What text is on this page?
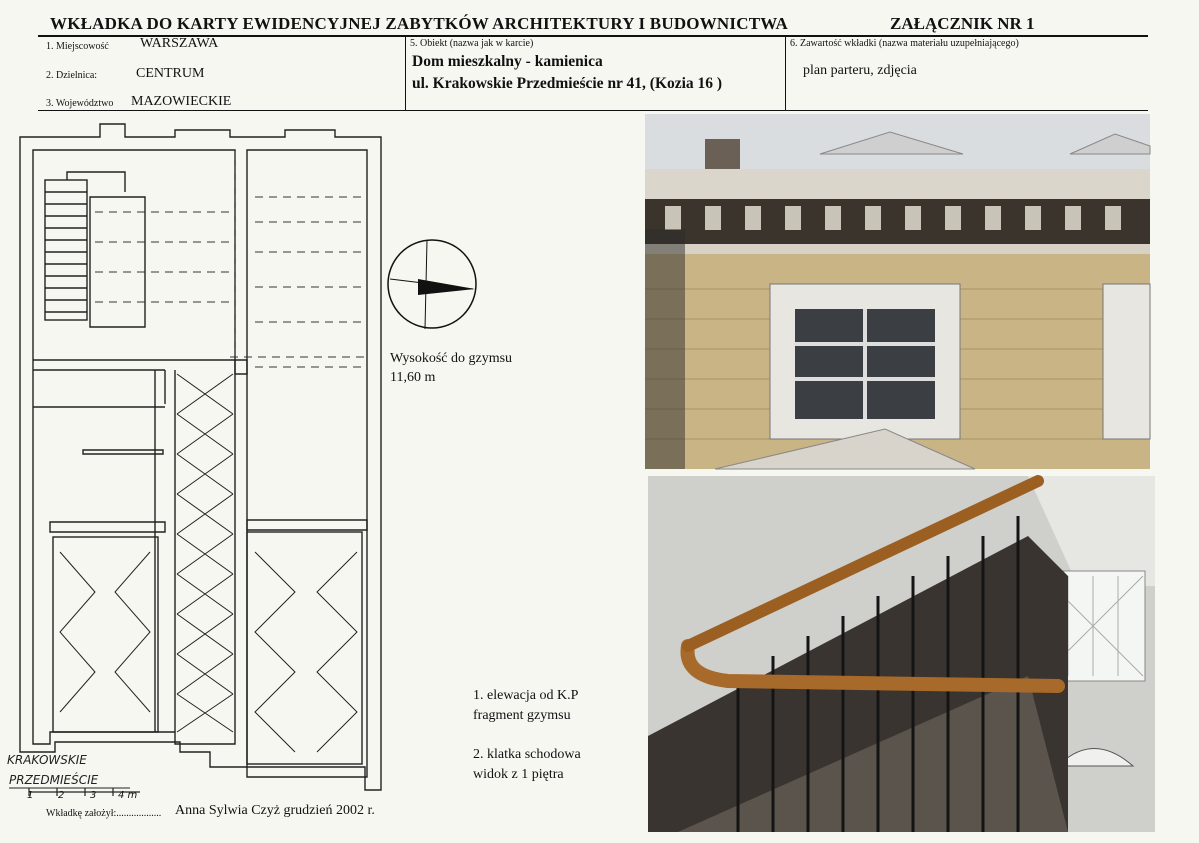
WKŁADKA DO KARTY EWIDENCYJNEJ ZABYTKÓW ARCHITEKTURY I BUDOWNICTWA	ZAŁĄCZNIK NR 1
1. Miejscowość WARSZAWA
2. Dzielnica:	CENTRUM
3. Województwo MAZOWIECKIE
5. Obiekt (nazwa jak w karcie)
Dom mieszkalny - kamienica
ul. Krakowskie Przedmieście nr 41, (Kozia 16 )
6. Zawartość wkładki (nazwa materiału uzupełniającego)
plan parteru, zdjęcia
KRAKOWSKIE
PRZEDMIEŚCIE
1 2	3 4 m
Wysokość do gzymsu
11,60 m
1. elewacja od K.P
fragment gzymsu
2. klatka schodowa
widok z 1 piętra
Wkładkę założył:.................. Anna Sylwia Czyż grudzień 2002 r.
